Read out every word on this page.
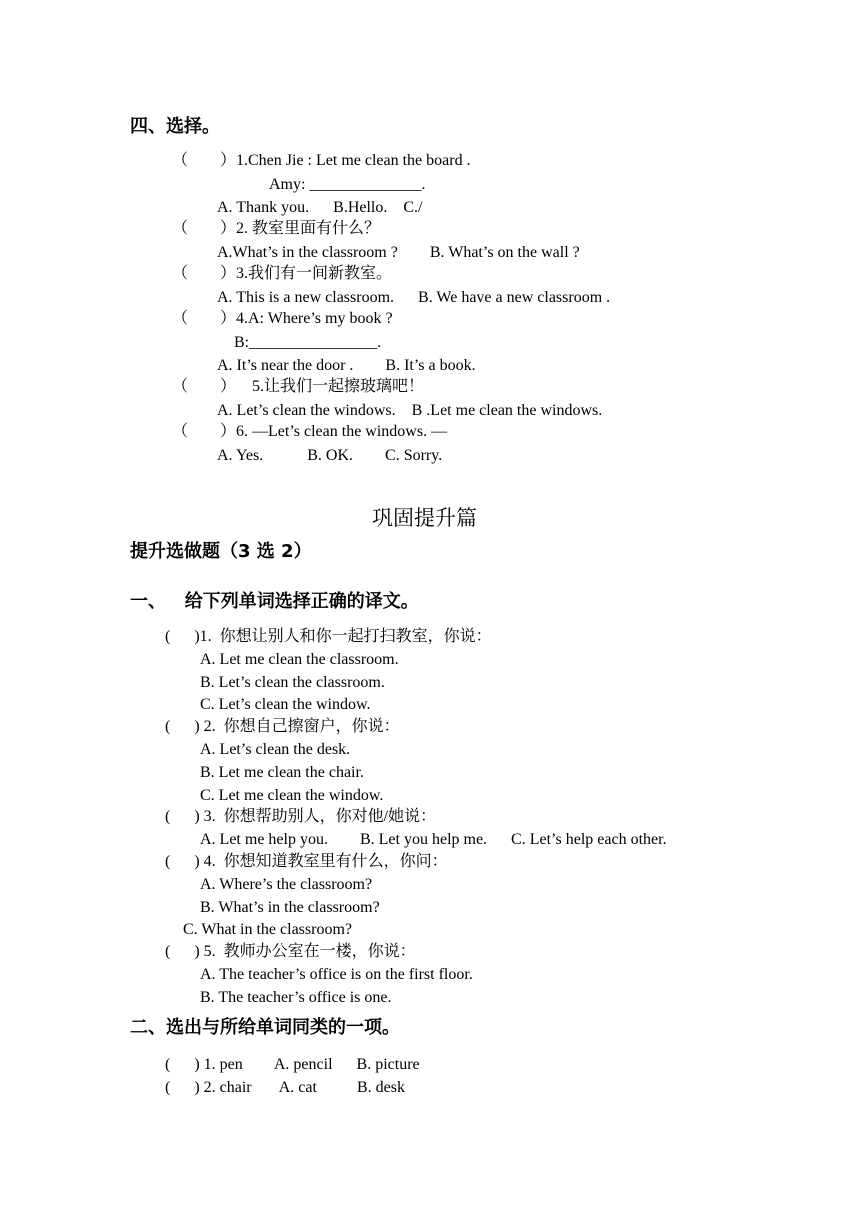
四、选择。
（        ）1.Chen Jie : Let me clean the board .
Amy: ______________.
A. Thank you.      B.Hello.    C./
（        ）2. 教室里面有什么？
A.What’s in the classroom ?        B. What’s on the wall ?
（        ）3.我们有一间新教室。
A. This is a new classroom.      B. We have a new classroom .
（        ）4.A: Where’s my book ?
B:________________.
A. It’s near the door .        B. It’s a book.
（        ）    5.让我们一起擦玻璃吧！
A. Let’s clean the windows.    B .Let me clean the windows.
（        ）6. —Let’s clean the windows. —
A. Yes.           B. OK.        C. Sorry.
巩固提升篇
提升选做题（3 选 2）
一、   给下列单词选择正确的译文。
(      )1.  你想让别人和你一起打扫教室，你说：
A. Let me clean the classroom.
B. Let’s clean the classroom.
C. Let’s clean the window.
(      ) 2.  你想自己擦窗户，你说：
A. Let’s clean the desk.
B. Let me clean the chair.
C. Let me clean the window.
(      ) 3.  你想帮助别人，你对他/她说：
A. Let me help you.        B. Let you help me.      C. Let’s help each other.
(      ) 4.  你想知道教室里有什么，你问：
A. Where’s the classroom?
B. What’s in the classroom?
C. What in the classroom?
(      ) 5.  教师办公室在一楼，你说：
A. The teacher’s office is on the first floor.
B. The teacher’s office is one.
二、选出与所给单词同类的一项。
(      ) 1. pen        A. pencil      B. picture
(      ) 2. chair       A. cat          B. desk
